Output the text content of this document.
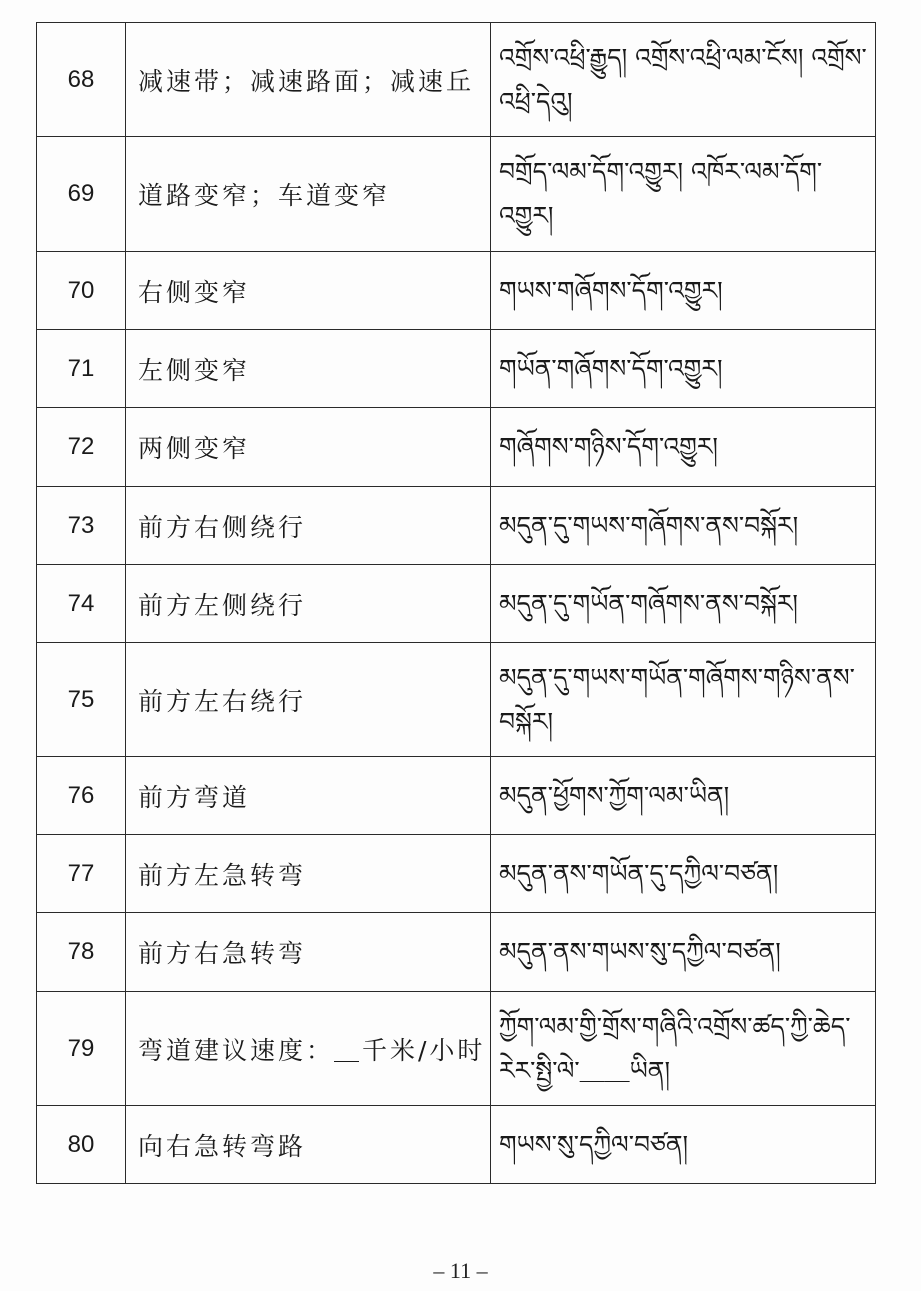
68	减速带；减速路面；减速丘	འགྲོས་འཕྲི་རྒྱུད། འགྲོས་འཕྲི་ལམ་ངོས། འགྲོས་འཕྲི་དེའུ།
69	道路变窄；车道变窄	བགྲོད་ལམ་དོག་འགྱུར། འཁོར་ལམ་དོག་འགྱུར།
70	右侧变窄	གཡས་གཞོགས་དོག་འགྱུར།
71	左侧变窄	གཡོན་གཞོགས་དོག་འགྱུར།
72	两侧变窄	གཞོགས་གཉིས་དོག་འགྱུར།
73	前方右侧绕行	མདུན་དུ་གཡས་གཞོགས་ནས་བསྐོར།
74	前方左侧绕行	མདུན་དུ་གཡོན་གཞོགས་ནས་བསྐོར།
75	前方左右绕行	མདུན་དུ་གཡས་གཡོན་གཞོགས་གཉིས་ནས་བསྐོར།
76	前方弯道	མདུན་ཕྱོགས་ཀྱོག་ལམ་ཡིན།
77	前方左急转弯	མདུན་ནས་གཡོན་དུ་དཀྱིལ་བཙན།
78	前方右急转弯	མདུན་ནས་གཡས་སུ་དཀྱིལ་བཙན།
79	弯道建议速度：＿千米/小时	ཀྱོག་ལམ་གྱི་གྲོས་གཞིའི་འགྲོས་ཚད་ཀྱི་ཆེད་རེར་སྤྱི་ལེ་＿＿ཡིན།
80	向右急转弯路	གཡས་སུ་དཀྱིལ་བཙན།
– 11 –
